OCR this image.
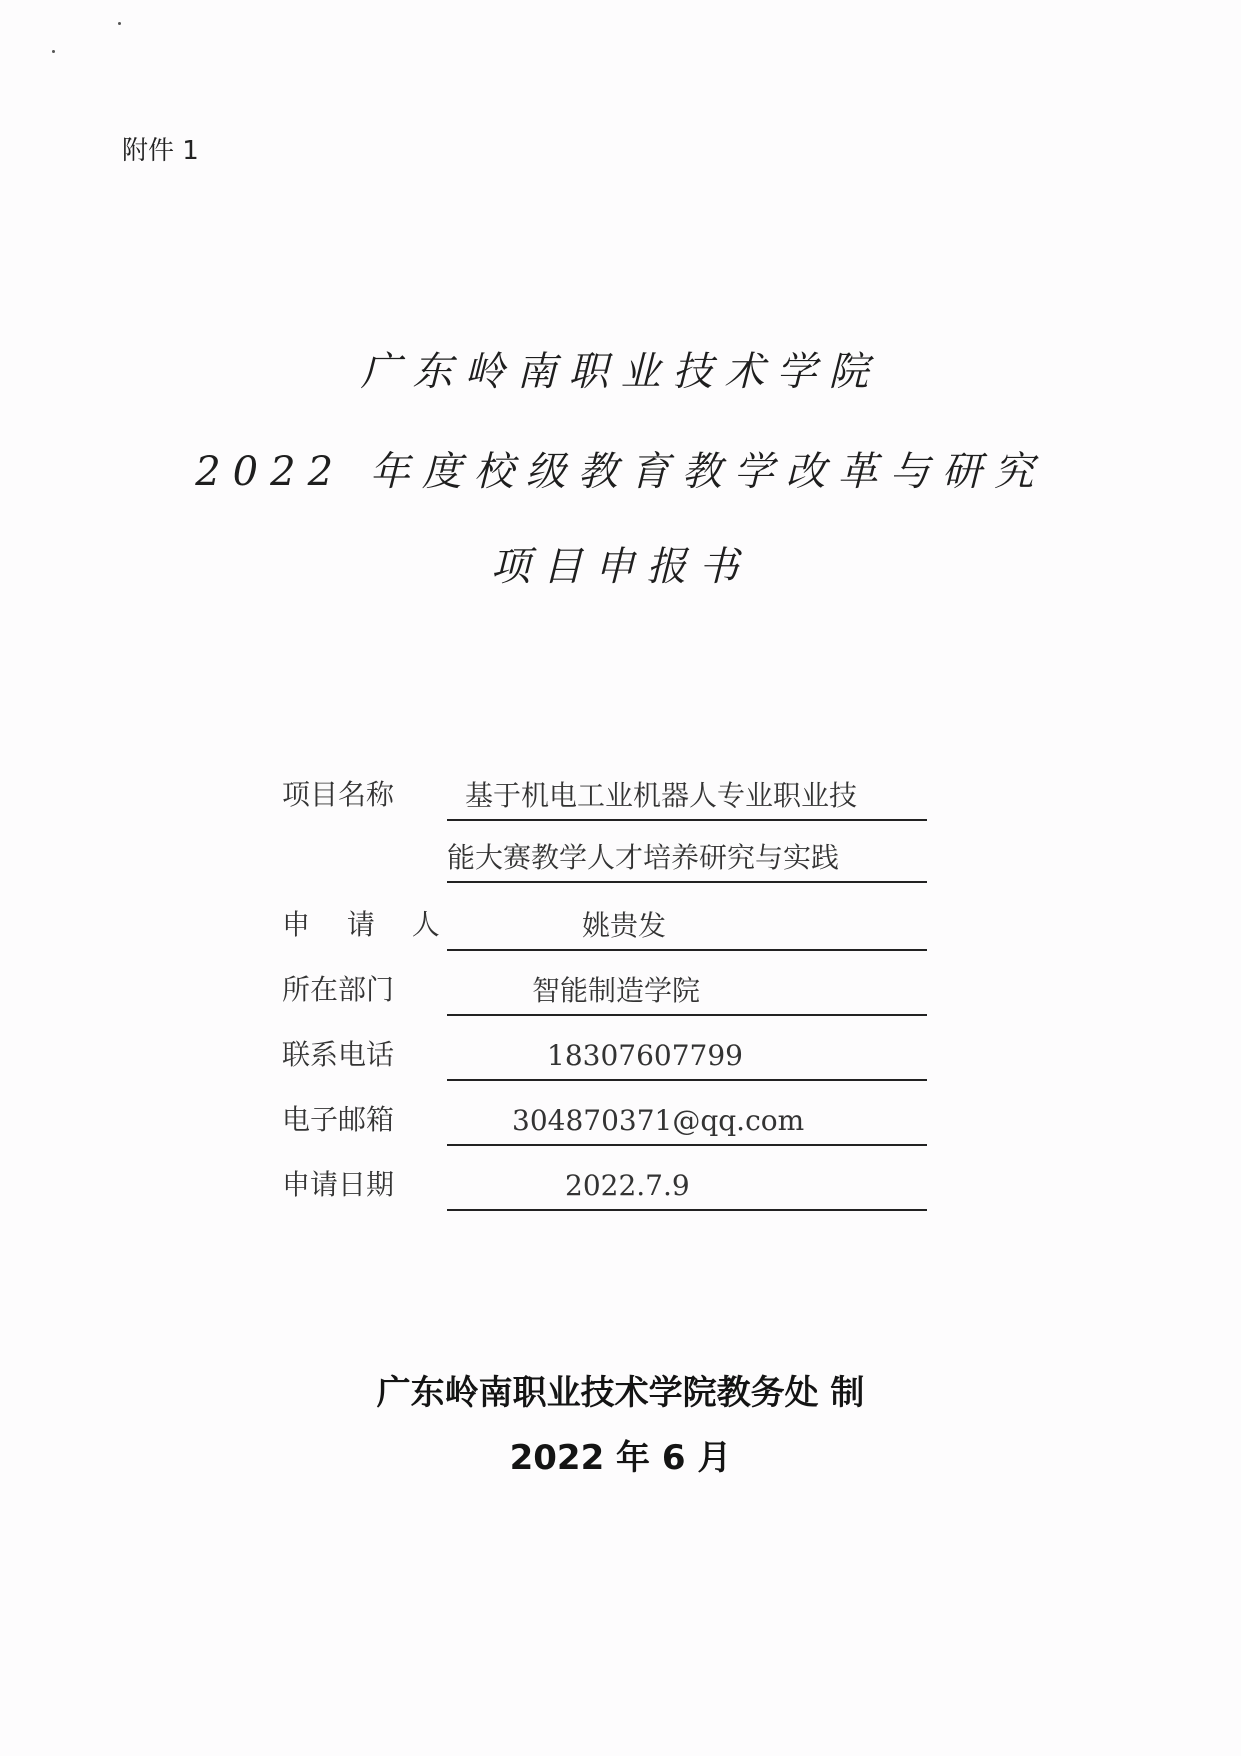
附件 1
广东岭南职业技术学院
2022 年度校级教育教学改革与研究
项目申报书
项目名称	基于机电工业机器人专业职业技
能大赛教学人才培养研究与实践
申 请 人	姚贵发
所在部门	智能制造学院
联系电话	18307607799
电子邮箱	304870371@qq.com
申请日期	2022.7.9
广东岭南职业技术学院教务处 制
2022 年 6 月
